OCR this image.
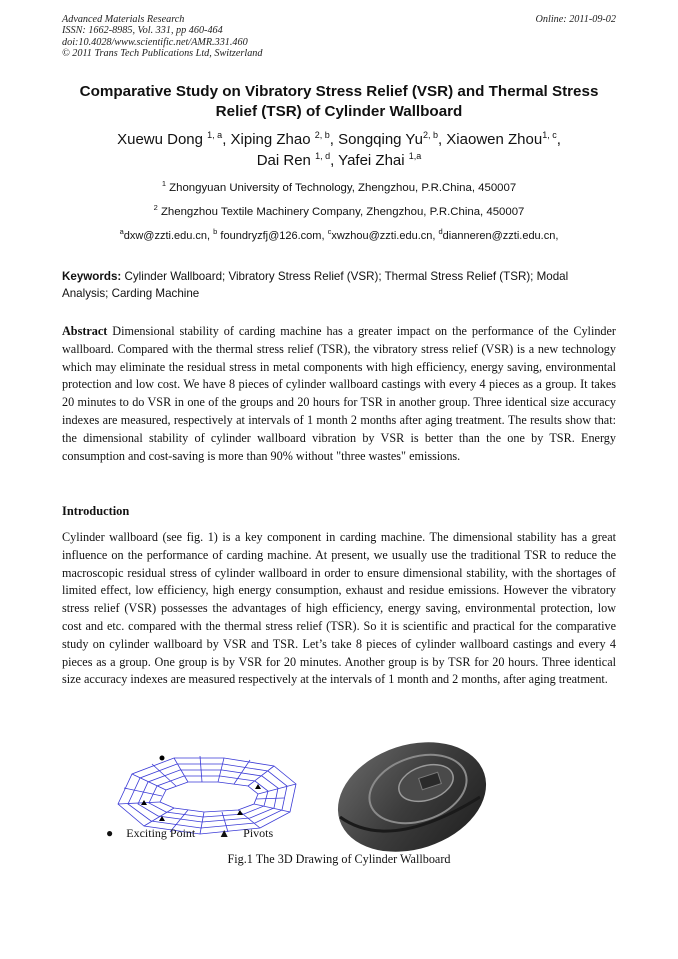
Advanced Materials Research
ISSN: 1662-8985, Vol. 331, pp 460-464
doi:10.4028/www.scientific.net/AMR.331.460
© 2011 Trans Tech Publications Ltd, Switzerland
Online: 2011-09-02
Comparative Study on Vibratory Stress Relief (VSR) and Thermal Stress Relief (TSR) of Cylinder Wallboard
Xuewu Dong $^{1, a}$, Xiping Zhao $^{2, b}$, Songqing Yu$^{2, b}$, Xiaowen Zhou$^{1, c}$,
Dai Ren $^{1, d}$, Yafei Zhai $^{1,a}$
$^1$ Zhongyuan University of Technology, Zhengzhou, P.R.China, 450007
$^2$ Zhengzhou Textile Machinery Company, Zhengzhou, P.R.China, 450007
$^a$dxw@zzti.edu.cn, $^b$ foundryzfj@126.com, $^c$xwzhou@zzti.edu.cn, $^d$dianneren@zzti.edu.cn,
Keywords: Cylinder Wallboard; Vibratory Stress Relief (VSR); Thermal Stress Relief (TSR); Modal Analysis; Carding Machine

Abstract Dimensional stability of carding machine has a greater impact on the performance of the Cylinder wallboard. Compared with the thermal stress relief (TSR), the vibratory stress relief (VSR) is a new technology which may eliminate the residual stress in metal components with high efficiency, energy saving, environmental protection and low cost. We have 8 pieces of cylinder wallboard castings with every 4 pieces as a group. It takes 20 minutes to do VSR in one of the groups and 20 hours for TSR in another group. Three identical size accuracy indexes are measured, respectively at intervals of 1 month 2 months after aging treatment. The results show that: the dimensional stability of cylinder wallboard vibration by VSR is better than the one by TSR. Energy consumption and cost-saving is more than 90% without "three wastes" emissions.

Introduction

Cylinder wallboard (see fig. 1) is a key component in carding machine. The dimensional stability has a great influence on the performance of carding machine. At present, we usually use the traditional TSR to reduce the macroscopic residual stress of cylinder wallboard in order to ensure dimensional stability, with the shortages of limited effect, low efficiency, high energy consumption, exhaust and residue emissions. However the vibratory stress relief (VSR) possesses the advantages of high efficiency, energy saving, environmental protection, low cost and etc. compared with the thermal stress relief (TSR). So it is scientific and practical for the comparative study on cylinder wallboard by VSR and TSR. Let’s take 8 pieces of cylinder wallboard castings and every 4 pieces as a group. One group is by VSR for 20 minutes. Another group is by TSR for 20 hours. Three identical size accuracy indexes are measured respectively at the intervals of 1 month and 2 months, after aging treatment.

● Exciting Point ▲ Pivots
Fig.1 The 3D Drawing of Cylinder Wallboard
